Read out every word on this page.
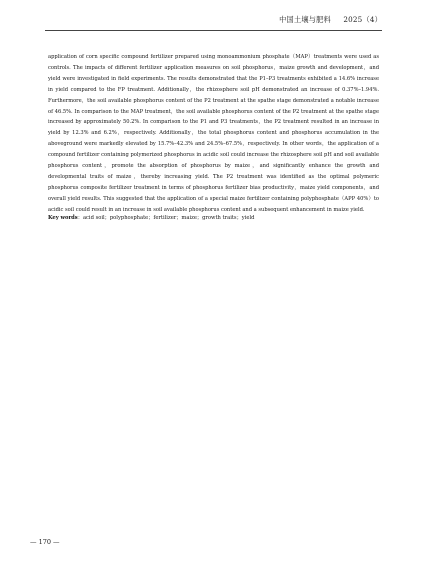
中国土壤与肥料 2025（4）

application of corn specific compound fertilizer prepared using monoammonium phosphate（MAP）treatments were used as controls. The impacts of different fertilizer application measures on soil phosphorus，maize growth and development，and yield were investigated in field experiments. The results demonstrated that the P1–P3 treatments exhibited a 14.6% increase in yield compared to the FP treatment. Additionally，the rhizosphere soil pH demonstrated an increase of 0.37%–1.94%. Furthermore，the soil available phosphorus content of the P2 treatment at the spathe stage demonstrated a notable increase of 46.5%. In comparison to the MAP treatment，the soil available phosphorus content of the P2 treatment at the spathe stage increased by approximately 50.2%. In comparison to the P1 and P3 treatments，the P2 treatment resulted in an increase in yield by 12.3% and 6.2%，respectively. Additionally，the total phosphorus content and phosphorus accumulation in the aboveground were markedly elevated by 15.7%–42.3% and 24.5%–67.5%，respectively. In other words，the application of a compound fertilizer containing polymerized phosphorus in acidic soil could increase the rhizosphere soil pH and soil available phosphorus content，promote the absorption of phosphorus by maize，and significantly enhance the growth and developmental traits of maize，thereby increasing yield. The P2 treatment was identified as the optimal polymeric phosphorus composite fertilizer treatment in terms of phosphorus fertilizer bias productivity，maize yield components，and overall yield results. This suggested that the application of a special maize fertilizer containing polyphosphate（APP 40%）to acidic soil could result in an increase in soil available phosphorus content and a subsequent enhancement in maize yield.

Key words：acid soil；polyphosphate；fertilizer；maize；growth traits；yield

— 170 —
